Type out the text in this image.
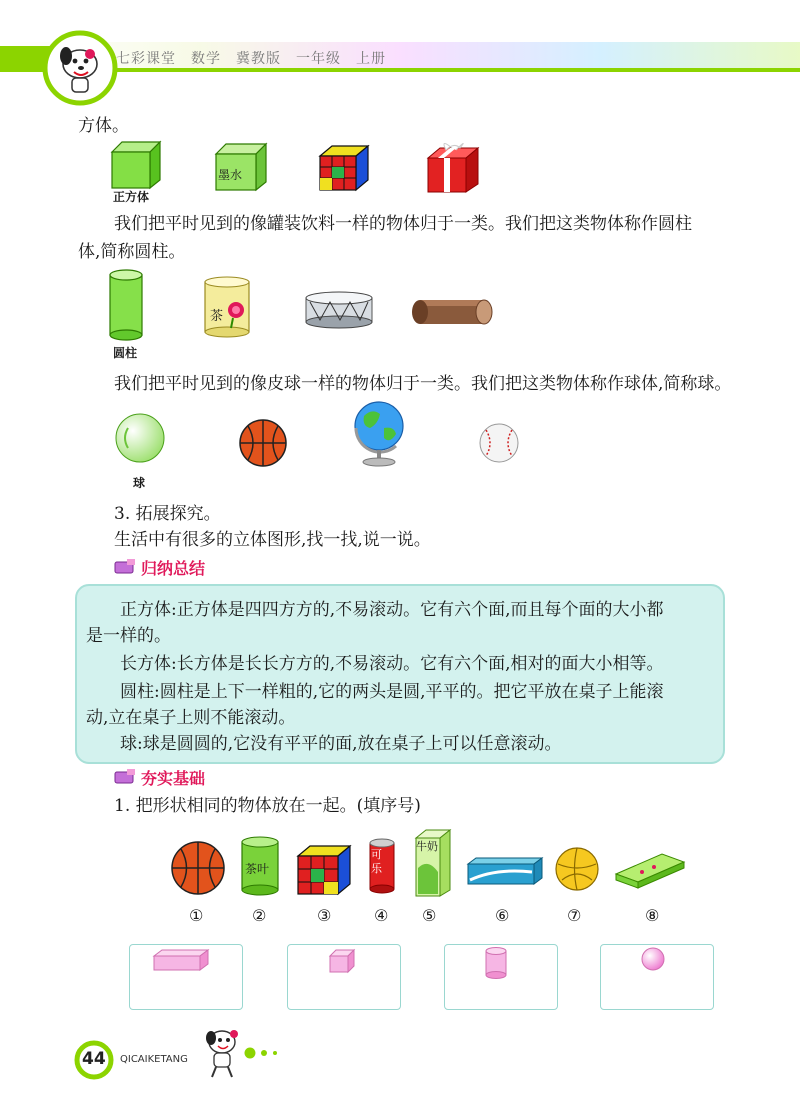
七彩课堂　数学　冀教版　一年级　上册
方体。
正方体
墨水
我们把平时见到的像罐装饮料一样的物体归于一类。我们把这类物体称作圆柱
体,简称圆柱。
圆柱
茶
我们把平时见到的像皮球一样的物体归于一类。我们把这类物体称作球体,简称球。
球
3. 拓展探究。
生活中有很多的立体图形,找一找,说一说。
归纳总结
正方体:正方体是四四方方的,不易滚动。它有六个面,而且每个面的大小都
是一样的。
长方体:长方体是长长方方的,不易滚动。它有六个面,相对的面大小相等。
圆柱:圆柱是上下一样粗的,它的两头是圆,平平的。把它平放在桌子上能滚
动,立在桌子上则不能滚动。
球:球是圆圆的,它没有平平的面,放在桌子上可以任意滚动。
夯实基础
1. 把形状相同的物体放在一起。(填序号)
茶叶
可乐
牛奶
①	②	③	④ ⑤	⑥	⑦	⑧
44 QICAIKETANG
